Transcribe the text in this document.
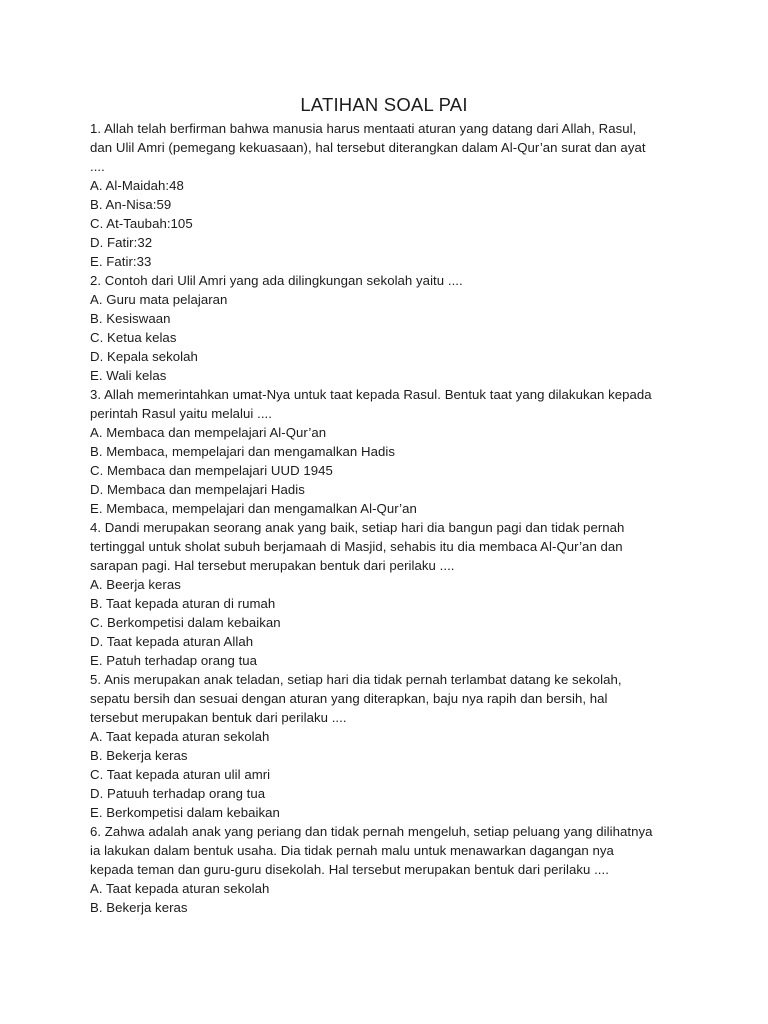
LATIHAN SOAL PAI
1. Allah telah berfirman bahwa manusia harus mentaati aturan yang datang dari Allah, Rasul,
dan Ulil Amri (pemegang kekuasaan), hal tersebut diterangkan dalam Al-Qur’an surat dan ayat
....
A. Al-Maidah:48
B. An-Nisa:59
C. At-Taubah:105
D. Fatir:32
E. Fatir:33
2. Contoh dari Ulil Amri yang ada dilingkungan sekolah yaitu ....
A. Guru mata pelajaran
B. Kesiswaan
C. Ketua kelas
D. Kepala sekolah
E. Wali kelas
3. Allah memerintahkan umat-Nya untuk taat kepada Rasul. Bentuk taat yang dilakukan kepada
perintah Rasul yaitu melalui ....
A. Membaca dan mempelajari Al-Qur’an
B. Membaca, mempelajari dan mengamalkan Hadis
C. Membaca dan mempelajari UUD 1945
D. Membaca dan mempelajari Hadis
E. Membaca, mempelajari dan mengamalkan Al-Qur’an
4. Dandi merupakan seorang anak yang baik, setiap hari dia bangun pagi dan tidak pernah
tertinggal untuk sholat subuh berjamaah di Masjid, sehabis itu dia membaca Al-Qur’an dan
sarapan pagi. Hal tersebut merupakan bentuk dari perilaku ....
A. Beerja keras
B. Taat kepada aturan di rumah
C. Berkompetisi dalam kebaikan
D. Taat kepada aturan Allah
E. Patuh terhadap orang tua
5. Anis merupakan anak teladan, setiap hari dia tidak pernah terlambat datang ke sekolah,
sepatu bersih dan sesuai dengan aturan yang diterapkan, baju nya rapih dan bersih, hal
tersebut merupakan bentuk dari perilaku ....
A. Taat kepada aturan sekolah
B. Bekerja keras
C. Taat kepada aturan ulil amri
D. Patuuh terhadap orang tua
E. Berkompetisi dalam kebaikan
6. Zahwa adalah anak yang periang dan tidak pernah mengeluh, setiap peluang yang dilihatnya
ia lakukan dalam bentuk usaha. Dia tidak pernah malu untuk menawarkan dagangan nya
kepada teman dan guru-guru disekolah. Hal tersebut merupakan bentuk dari perilaku ....
A. Taat kepada aturan sekolah
B. Bekerja keras
